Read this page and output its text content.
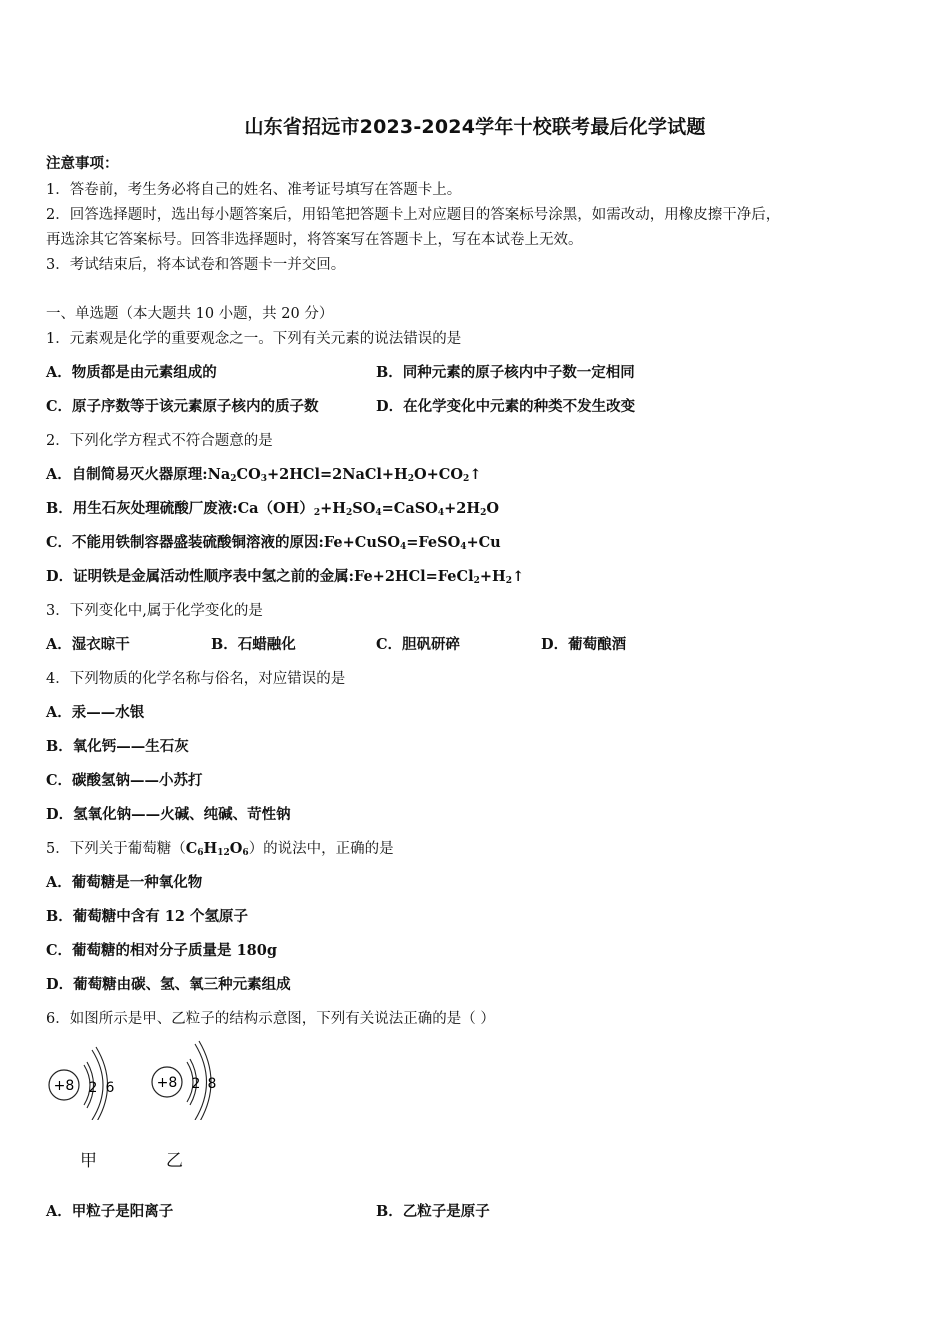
山东省招远市2023-2024学年十校联考最后化学试题
注意事项：
1．答卷前，考生务必将自己的姓名、准考证号填写在答题卡上。
2．回答选择题时，选出每小题答案后，用铅笔把答题卡上对应题目的答案标号涂黑，如需改动，用橡皮擦干净后，
再选涂其它答案标号。回答非选择题时，将答案写在答题卡上，写在本试卷上无效。
3．考试结束后，将本试卷和答题卡一并交回。
一、单选题（本大题共 10 小题，共 20 分）
1．元素观是化学的重要观念之一。下列有关元素的说法错误的是
A．物质都是由元素组成的	B．同种元素的原子核内中子数一定相同
C．原子序数等于该元素原子核内的质子数	D．在化学变化中元素的种类不发生改变
2．下列化学方程式不符合题意的是
A．自制简易灭火器原理$:Na_2CO_3+2HCl=2NaCl+H_2O+CO_2↑$
B．用生石灰处理硫酸厂废液$:Ca(OH)_2+H_2SO_4=CaSO_4+2H_2O$
C．不能用铁制容器盛装硫酸铜溶液的原因:Fe+CuSO$_4$=FeSO$_4$+Cu
D．证明铁是金属活动性顺序表中氢之前的金属$:Fe+2HCl=FeCl_2+H_2↑$
3．下列变化中,属于化学变化的是
A．湿衣晾干	B．石蜡融化	C．胆矾研碎	D．葡萄酿酒
4．下列物质的化学名称与俗名，对应错误的是
A．汞——水银
B．氧化钙——生石灰
C．碳酸氢钠——小苏打
D．氢氧化钠——火碱、纯碱、苛性钠
5．下列关于葡萄糖$(C_6H_{12}O_6)$的说法中，正确的是
A．葡萄糖是一种氧化物
B．葡萄糖中含有 12 个氢原子
C．葡萄糖的相对分子质量是 180g
D．葡萄糖由碳、氢、氧三种元素组成
6．如图所示是甲、乙粒子的结构示意图，下列有关说法正确的是（ ）
+8 2 6	+8 2 8
甲	乙
A．甲粒子是阳离子	B．乙粒子是原子
